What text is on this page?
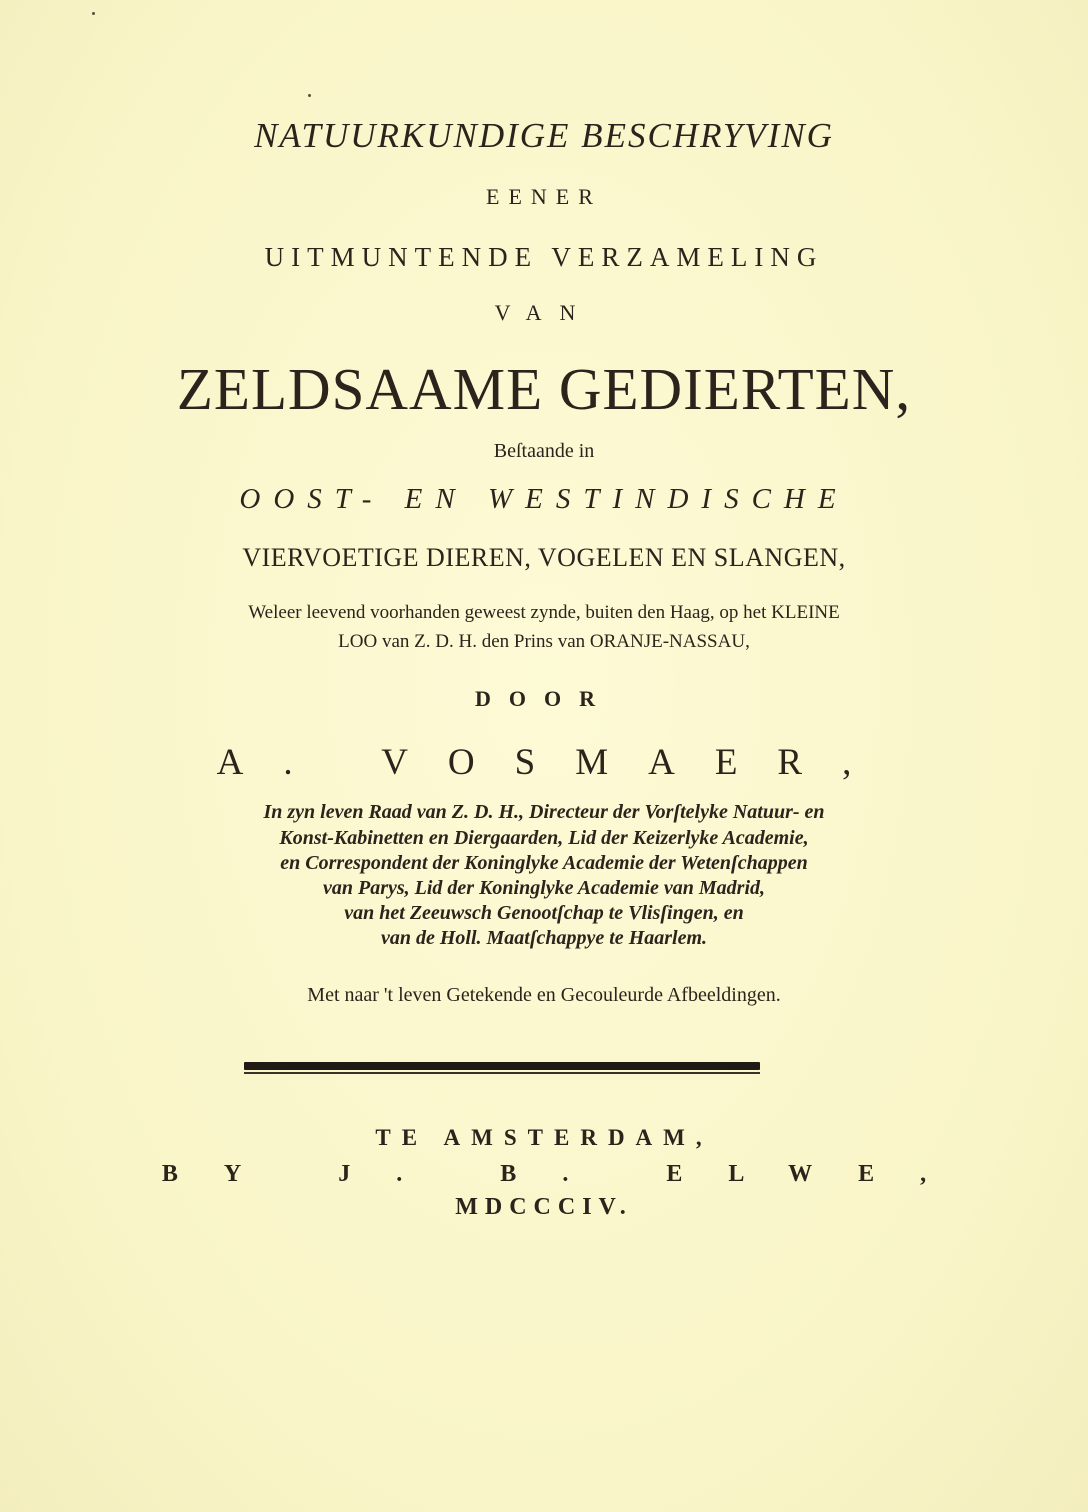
NATUURKUNDIGE BESCHRYVING
EENER
UITMUNTENDE VERZAMELING
VAN
ZELDSAAME GEDIERTEN,
Beſtaande in
OOST- EN WESTINDISCHE
VIERVOETIGE DIEREN, VOGELEN EN SLANGEN,
Weleer leevend voorhanden geweest zynde, buiten den Haag, op het KLEINE
LOO van Z. D. H. den Prins van ORANJE-NASSAU,
DOOR
A. VOSMAER,
In zyn leven Raad van Z. D. H., Directeur der Vorſtelyke Natuur- en
Konst-Kabinetten en Diergaarden, Lid der Keizerlyke Academie,
en Correspondent der Koninglyke Academie der Wetenſchappen
van Parys, Lid der Koninglyke Academie van Madrid,
van het Zeeuwsch Genootſchap te Vlisſingen, en
van de Holl. Maatſchappye te Haarlem.
Met naar 't leven Getekende en Gecouleurde Afbeeldingen.
TE AMSTERDAM,
BY J. B. ELWE,
MDCCCIV.
